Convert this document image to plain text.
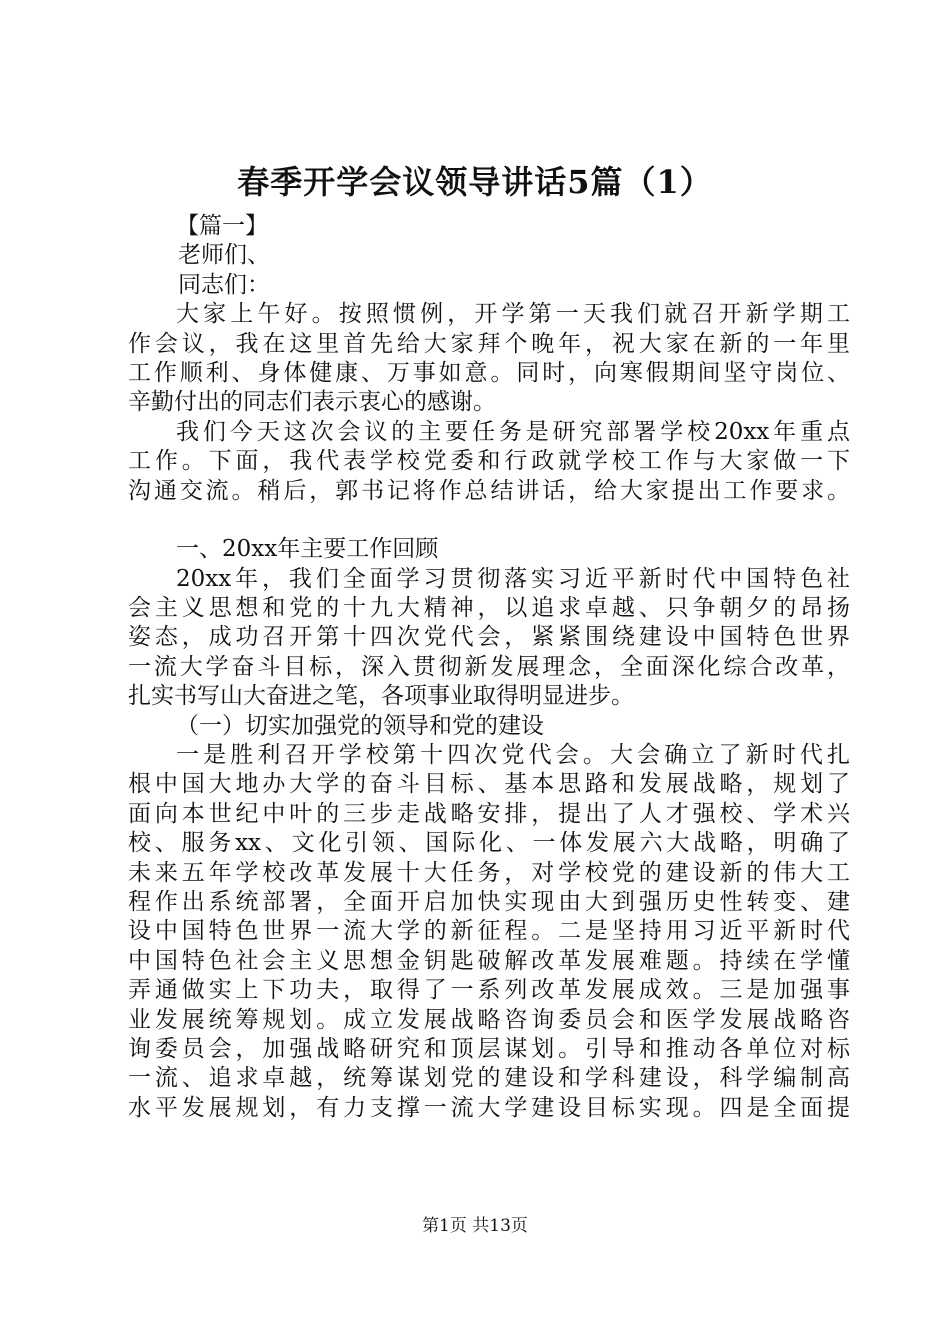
春季开学会议领导讲话5篇（1）
【篇一】
老师们、
同志们：
大家上午好。按照惯例，开学第一天我们就召开新学期工
作会议，我在这里首先给大家拜个晚年，祝大家在新的一年里
工作顺利、身体健康、万事如意。同时，向寒假期间坚守岗位、
辛勤付出的同志们表示衷心的感谢。
我们今天这次会议的主要任务是研究部署学校20xx年重点
工作。下面，我代表学校党委和行政就学校工作与大家做一下
沟通交流。稍后，郭书记将作总结讲话，给大家提出工作要求。
一、20xx年主要工作回顾
20xx年，我们全面学习贯彻落实习近平新时代中国特色社
会主义思想和党的十九大精神，以追求卓越、只争朝夕的昂扬
姿态，成功召开第十四次党代会，紧紧围绕建设中国特色世界
一流大学奋斗目标，深入贯彻新发展理念，全面深化综合改革，
扎实书写山大奋进之笔，各项事业取得明显进步。
（一）切实加强党的领导和党的建设
一是胜利召开学校第十四次党代会。大会确立了新时代扎
根中国大地办大学的奋斗目标、基本思路和发展战略，规划了
面向本世纪中叶的三步走战略安排，提出了人才强校、学术兴
校、服务xx、文化引领、国际化、一体发展六大战略，明确了
未来五年学校改革发展十大任务，对学校党的建设新的伟大工
程作出系统部署，全面开启加快实现由大到强历史性转变、建
设中国特色世界一流大学的新征程。二是坚持用习近平新时代
中国特色社会主义思想金钥匙破解改革发展难题。持续在学懂
弄通做实上下功夫，取得了一系列改革发展成效。三是加强事
业发展统筹规划。成立发展战略咨询委员会和医学发展战略咨
询委员会，加强战略研究和顶层谋划。引导和推动各单位对标
一流、追求卓越，统筹谋划党的建设和学科建设，科学编制高
水平发展规划，有力支撑一流大学建设目标实现。四是全面提
第1页 共13页
